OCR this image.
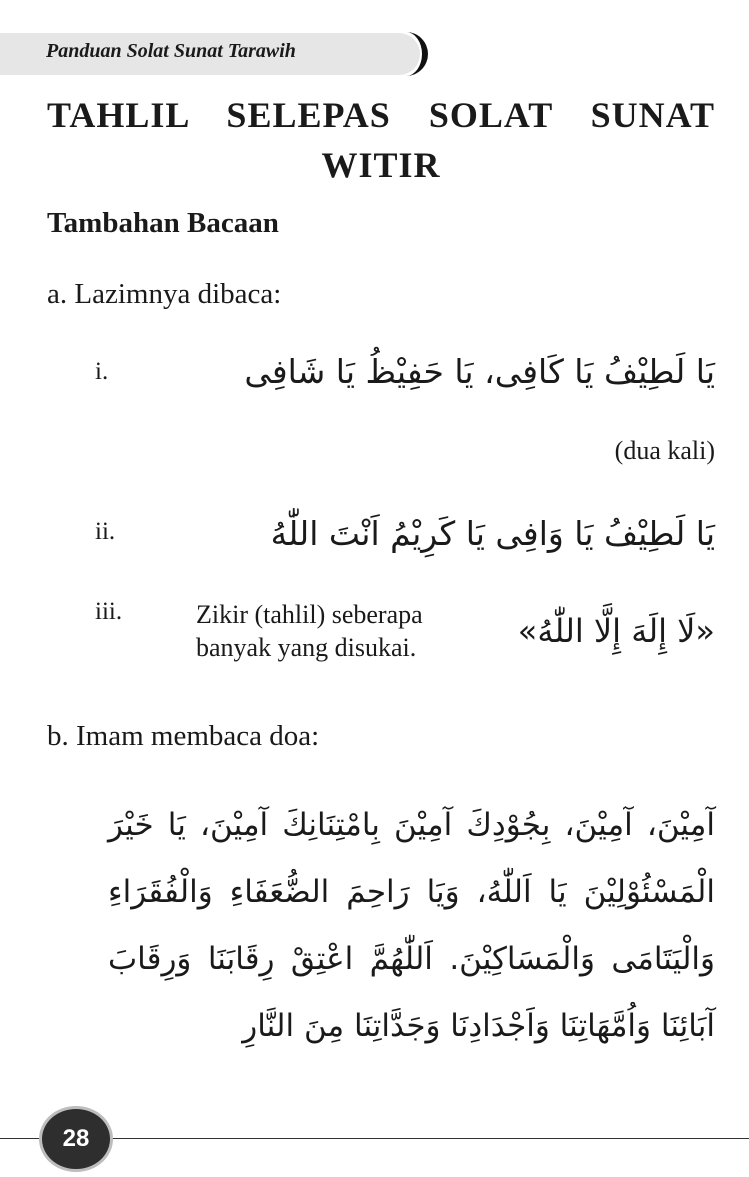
Panduan Solat Sunat Tarawih
TAHLIL SELEPAS SOLAT SUNAT WITIR
Tambahan Bacaan
a. Lazimnya dibaca:
i.	يَا لَطِيْفُ يَا كَافِى، يَا حَفِيْظُ يَا شَافِى
(dua kali)
ii.	يَا لَطِيْفُ يَا وَافِى يَا كَرِيْمُ اَنْتَ اللّٰهُ
iii.	Zikir (tahlil) seberapa banyak yang disukai.	«لَا إِلَهَ إِلَّا اللّٰهُ»
b. Imam membaca doa:
آمِيْنَ، آمِيْنَ، بِجُوْدِكَ آمِيْنَ بِامْتِنَانِكَ آمِيْنَ، يَا خَيْرَ الْمَسْئُوْلِيْنَ يَا اَللّٰهُ، وَيَا رَاحِمَ الضُّعَفَاءِ وَالْفُقَرَاءِ وَالْيَتَامَى وَالْمَسَاكِيْنَ. اَللّٰهُمَّ اعْتِقْ رِقَابَنَا وَرِقَابَ آبَائِنَا وَاُمَّهَاتِنَا وَاَجْدَادِنَا وَجَدَّاتِنَا مِنَ النَّارِ
28
